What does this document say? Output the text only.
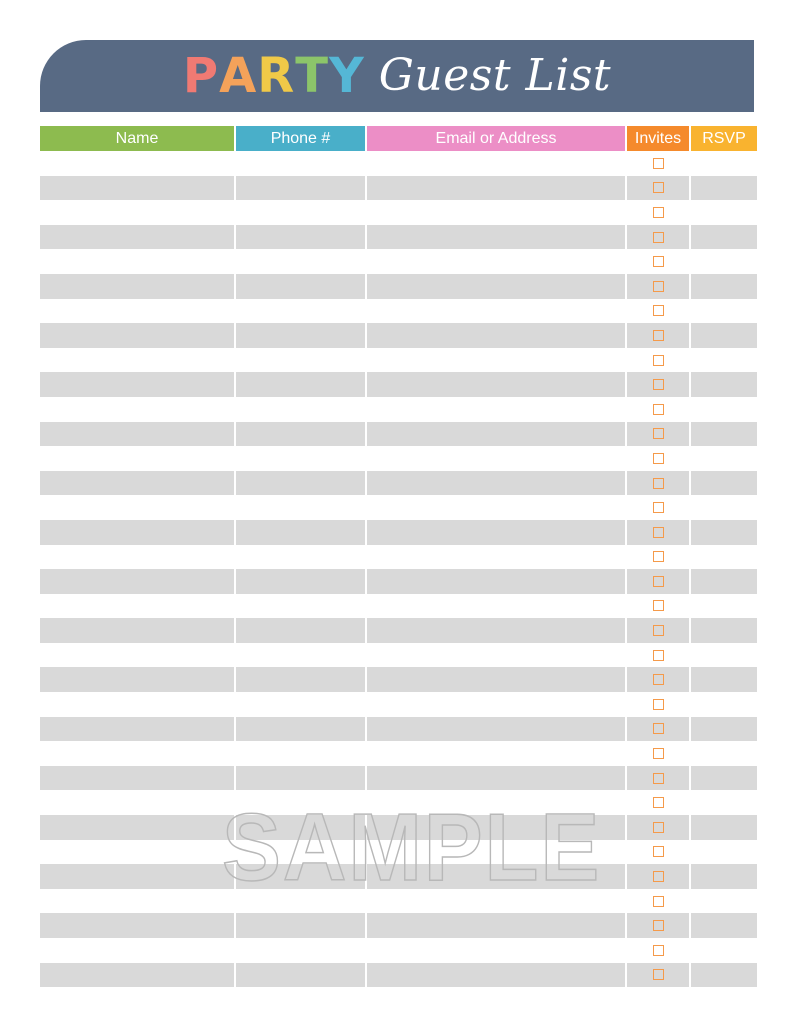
P A R T Y Guest List
Name	Phone #	Email or Address	Invites	RSVP
SAMPLE
